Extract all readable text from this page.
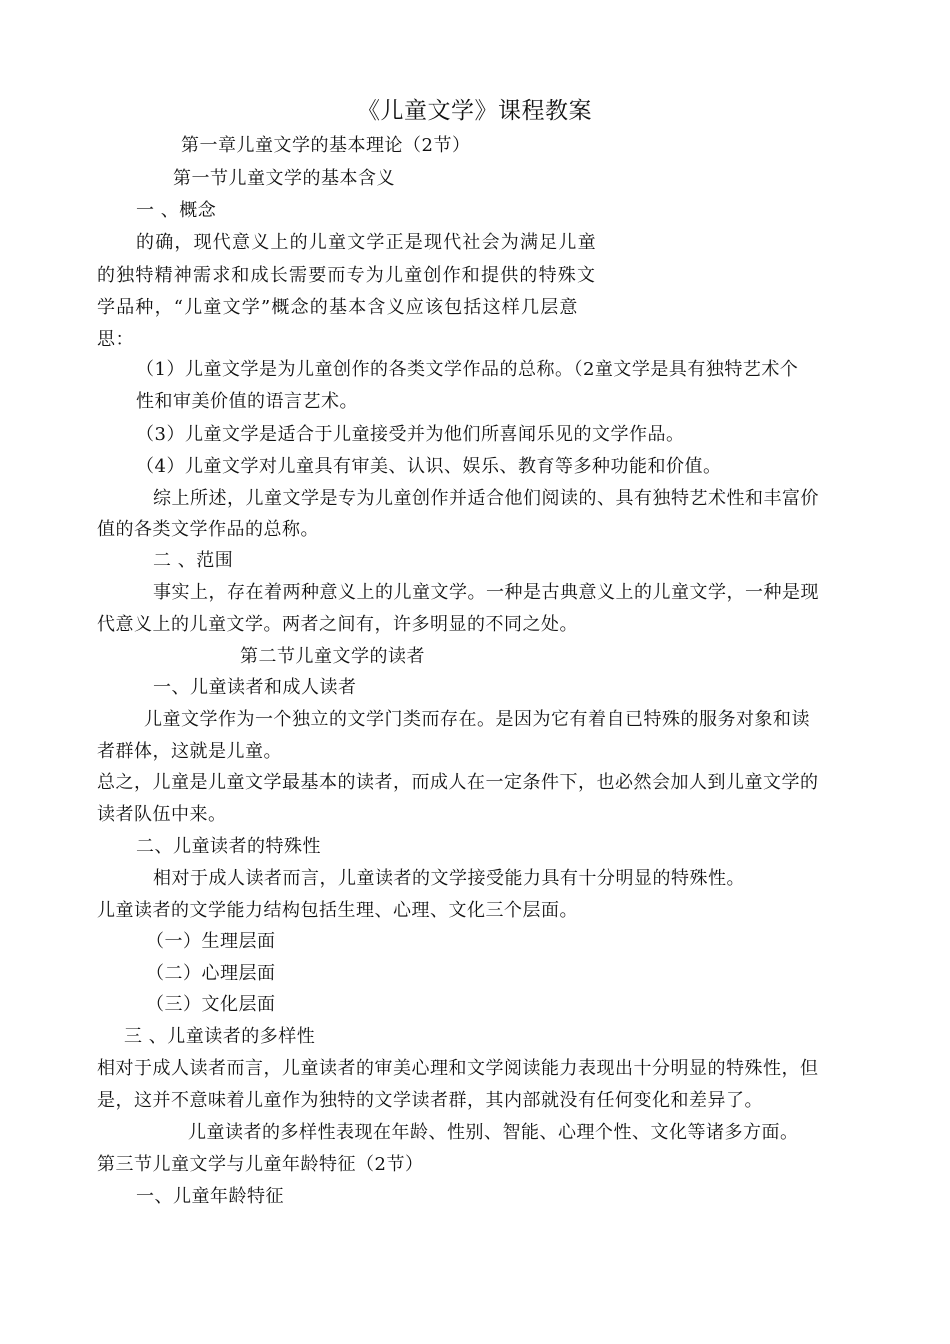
《儿童文学》课程教案
第一章儿童文学的基本理论（2节）
第一节儿童文学的基本含义
一 、概念
的确，现代意义上的儿童文学正是现代社会为满足儿童
的独特精神需求和成长需要而专为儿童创作和提供的特殊文
学品种，“儿童文学”概念的基本含义应该包括这样几层意
思：
（1）儿童文学是为儿童创作的各类文学作品的总称。（2童文学是具有独特艺术个
性和审美价值的语言艺术。
（3）儿童文学是适合于儿童接受并为他们所喜闻乐见的文学作品。
（4）儿童文学对儿童具有审美、认识、娱乐、教育等多种功能和价值。
综上所述，儿童文学是专为儿童创作并适合他们阅读的、具有独特艺术性和丰富价
值的各类文学作品的总称。
二 、范围
事实上，存在着两种意义上的儿童文学。一种是古典意义上的儿童文学，一种是现
代意义上的儿童文学。两者之间有，许多明显的不同之处。
第二节儿童文学的读者
一、儿童读者和成人读者
儿童文学作为一个独立的文学门类而存在。是因为它有着自已特殊的服务对象和读
者群体，这就是儿童。
总之，儿童是儿童文学最基本的读者，而成人在一定条件下，也必然会加人到儿童文学的
读者队伍中来。
二、儿童读者的特殊性
相对于成人读者而言，儿童读者的文学接受能力具有十分明显的特殊性。
儿童读者的文学能力结构包括生理、心理、文化三个层面。
（一）生理层面
（二）心理层面
（三）文化层面
三 、儿童读者的多样性
相对于成人读者而言，儿童读者的审美心理和文学阅读能力表现出十分明显的特殊性，但
是，这并不意味着儿童作为独特的文学读者群，其内部就没有任何变化和差异了。
儿童读者的多样性表现在年龄、性别、智能、心理个性、文化等诸多方面。
第三节儿童文学与儿童年龄特征（2节）
一、儿童年龄特征
